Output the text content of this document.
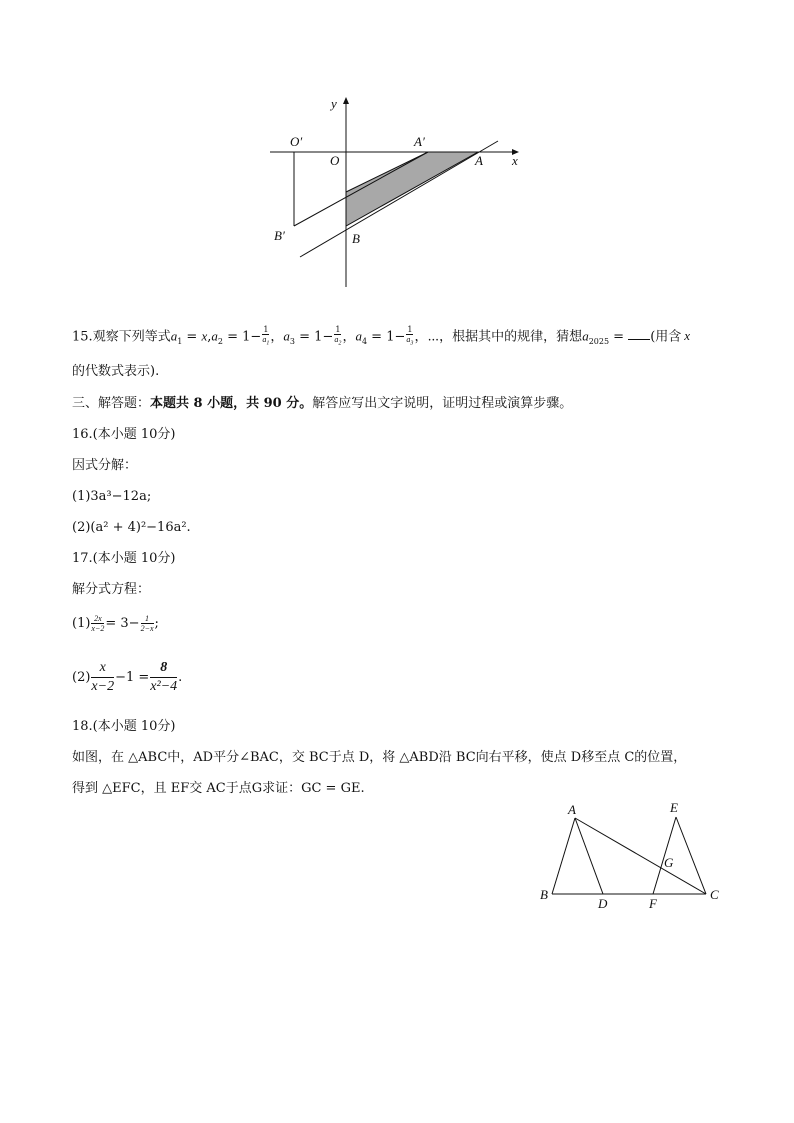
y
x
O′
O
A′
A
B′	B
15.观察下列等式$a_1 = x,a_2 = 1- \frac{1}{a_1}$ ，$a_3 = 1- \frac{1}{a_2}$ ，$a_4 = 1- \frac{1}{a_3}$ ，⋯，根据其中的规律，猜想$a_{2025}$ = (用含 x
的代数式表示).
三、解答题：本题共 8 小题，共 90 分。解答应写出文字说明，证明过程或演算步骤。
16.(本小题 10分)
因式分解：
(1)3a³−12a;
(2)(a² + 4)²−16a².
17.(本小题 10分)
解分式方程：
$(1) \frac{2x}{x-2} = 3- \frac{1}{2-x}$ ;
$(2) \frac{x}{x-2} -1 = \frac{8}{\text{x²−4}}$ .
18.(本小题 10分)
如图，在 △ABC中，AD平分∠BAC，交 BC于点 D，将 △ABD沿 BC向右平移，使点 D移至点 C的位置，
得到 △EFC，且 EF交 AC于点G求证：GC = GE.
A	E
G
B
D	F
C
